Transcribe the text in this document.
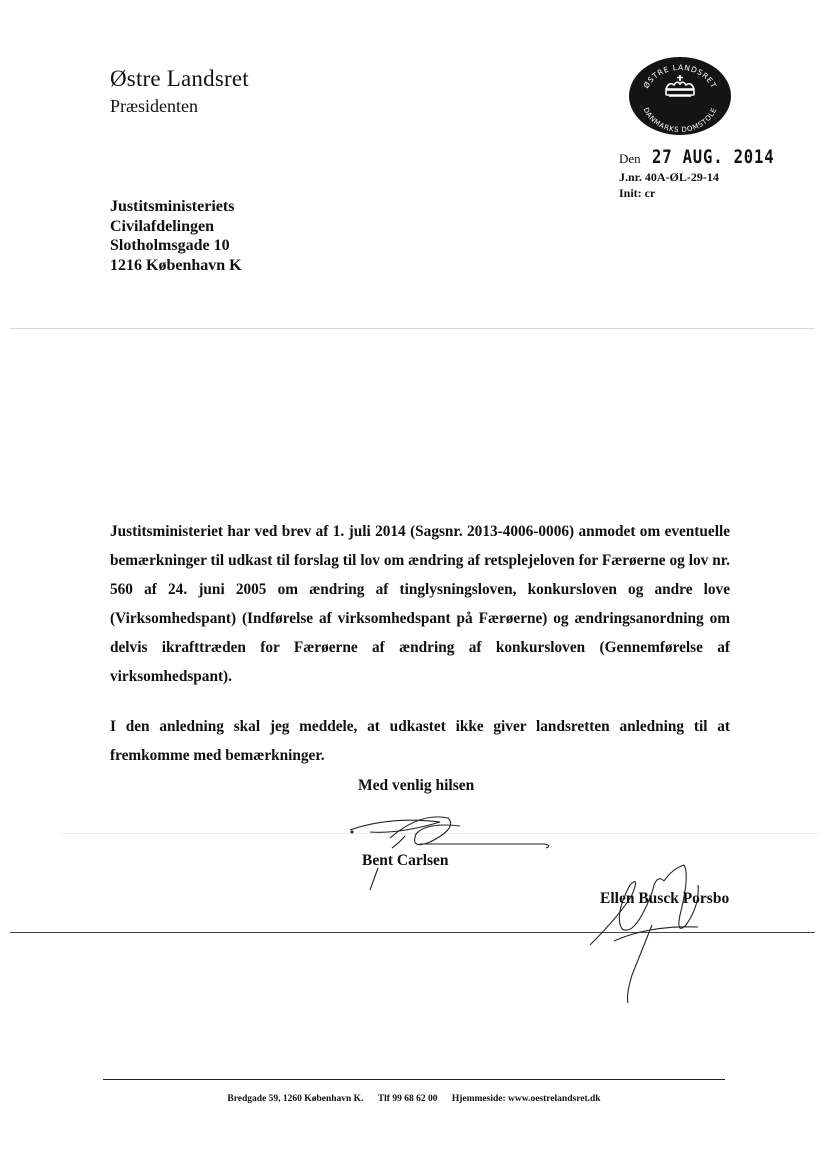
Østre Landsret
Præsidenten
ØSTRE LANDSRET
DANMARKS DOMSTOLE
Den 27 AUG. 2014
J.nr. 40A-ØL-29-14
Init: cr
Justitsministeriets
Civilafdelingen
Slotholmsgade 10
1216 København K

Justitsministeriet har ved brev af 1. juli 2014 (Sagsnr. 2013-4006-0006) anmodet om eventuelle bemærkninger til udkast til forslag til lov om ændring af retsplejeloven for Færøerne og lov nr. 560 af 24. juni 2005 om ændring af tinglysningsloven, konkursloven og andre love (Virksomhedspant) (Indførelse af virksomhedspant på Færøerne) og ændringsanordning om delvis ikrafttræden for Færøerne af ændring af konkursloven (Gennemførelse af virksomhedspant).

I den anledning skal jeg meddele, at udkastet ikke giver landsretten anledning til at fremkomme med bemærkninger.

Med venlig hilsen
Bent Carlsen
Ellen Busck Porsbo
Bredgade 59, 1260 København K. Tlf 99 68 62 00 Hjemmeside: www.oestrelandsret.dk
